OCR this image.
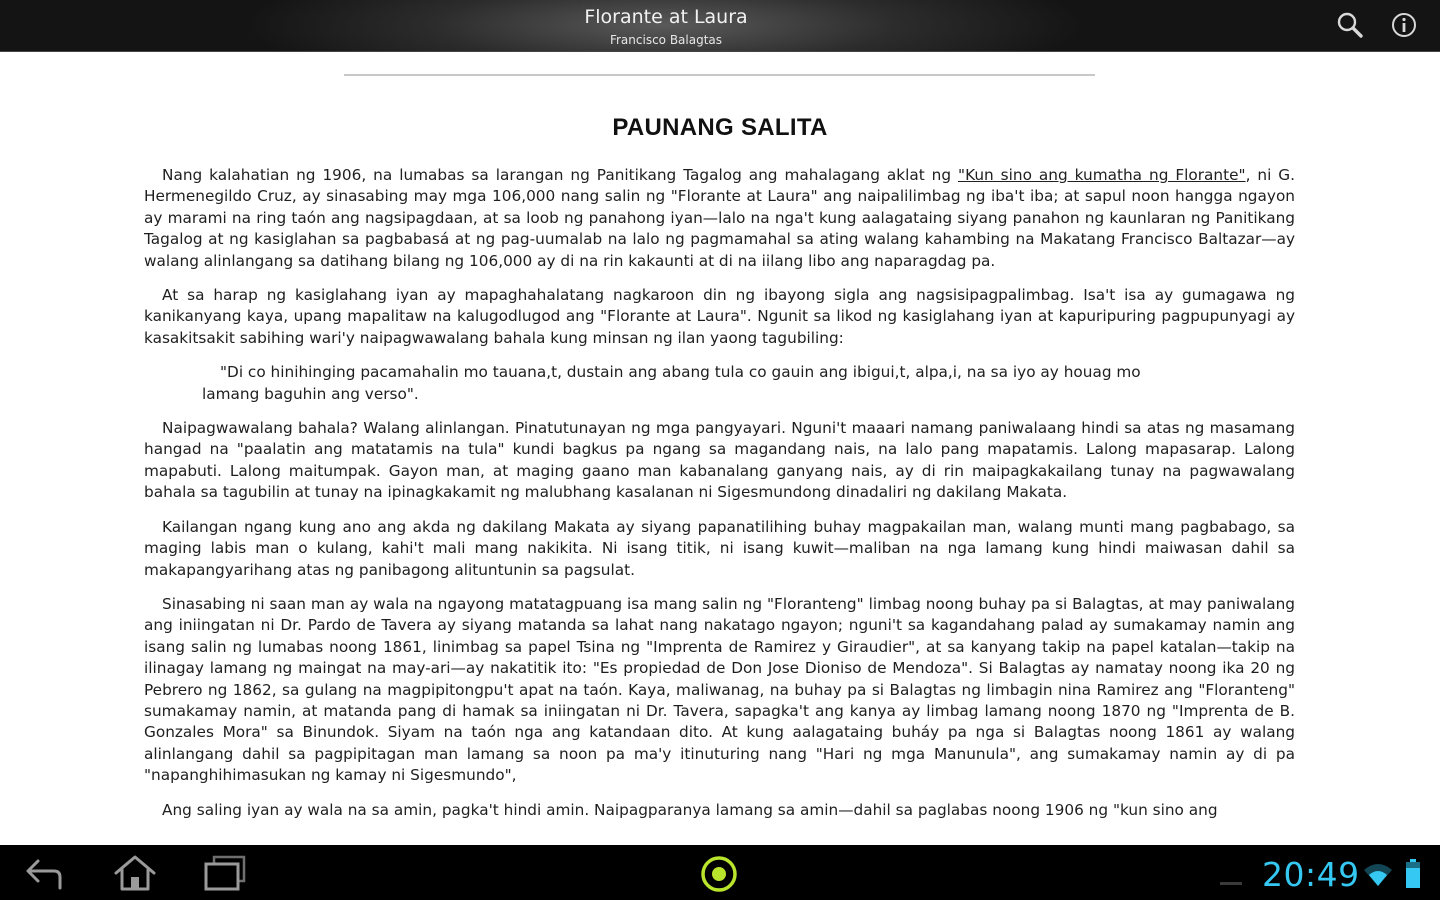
Florante at Laura
Francisco Balagtas
PAUNANG SALITA

Nang kalahatian ng 1906, na lumabas sa larangan ng Panitikang Tagalog ang mahalagang aklat ng "Kun sino ang kumatha ng Florante", ni G. Hermenegildo Cruz, ay sinasabing may mga 106,000 nang salin ng "Florante at Laura" ang naipalilimbag ng iba't iba; at sapul noon hangga ngayon ay marami na ring taón ang nagsipagdaan, at sa loob ng panahong iyan—lalo na nga't kung aalagataing siyang panahon ng kaunlaran ng Panitikang Tagalog at ng kasiglahan sa pagbabasá at ng pag-uumalab na lalo ng pagmamahal sa ating walang kahambing na Makatang Francisco Baltazar—ay walang alinlangang sa datihang bilang ng 106,000 ay di na rin kakaunti at di na iilang libo ang naparagdag pa.

At sa harap ng kasiglahang iyan ay mapaghahalatang nagkaroon din ng ibayong sigla ang nagsisipagpalimbag. Isa't isa ay gumagawa ng kanikanyang kaya, upang mapalitaw na kalugodlugod ang "Florante at Laura". Ngunit sa likod ng kasiglahang iyan at kapuripuring pagpupunyagi ay kasakitsakit sabihing wari'y naipagwawalang bahala kung minsan ng ilan yaong tagubiling:

"Di co hinihinging pacamahalin mo tauana,t, dustain ang abang tula co gauin ang ibigui,t, alpa,i, na sa iyo ay houag mo lamang baguhin ang verso".

Naipagwawalang bahala? Walang alinlangan. Pinatutunayan ng mga pangyayari. Nguni't maaari namang paniwalaang hindi sa atas ng masamang hangad na "paalatin ang matatamis na tula" kundi bagkus pa ngang sa magandang nais, na lalo pang mapatamis. Lalong mapasarap. Lalong mapabuti. Lalong maitumpak. Gayon man, at maging gaano man kabanalang ganyang nais, ay di rin maipagkakailang tunay na pagwawalang bahala sa tagubilin at tunay na ipinagkakamit ng malubhang kasalanan ni Sigesmundong dinadaliri ng dakilang Makata.

Kailangan ngang kung ano ang akda ng dakilang Makata ay siyang papanatilihing buhay magpakailan man, walang munti mang pagbabago, sa maging labis man o kulang, kahi't mali mang nakikita. Ni isang titik, ni isang kuwit—maliban na nga lamang kung hindi maiwasan dahil sa makapangyarihang atas ng panibagong alituntunin sa pagsulat.

Sinasabing ni saan man ay wala na ngayong matatagpuang isa mang salin ng "Floranteng" limbag noong buhay pa si Balagtas, at may paniwalang ang iniingatan ni Dr. Pardo de Tavera ay siyang matanda sa lahat nang nakatago ngayon; nguni't sa kagandahang palad ay sumakamay namin ang isang salin ng lumabas noong 1861, linimbag sa papel Tsina ng "Imprenta de Ramirez y Giraudier", at sa kanyang takip na papel katalan—takip na ilinagay lamang ng maingat na may-ari—ay nakatitik ito: "Es propiedad de Don Jose Dioniso de Mendoza". Si Balagtas ay namatay noong ika 20 ng Pebrero ng 1862, sa gulang na magpipitongpu't apat na taón. Kaya, maliwanag, na buhay pa si Balagtas ng limbagin nina Ramirez ang "Floranteng" sumakamay namin, at matanda pang di hamak sa iniingatan ni Dr. Tavera, sapagka't ang kanya ay limbag lamang noong 1870 ng "Imprenta de B. Gonzales Mora" sa Binundok. Siyam na taón nga ang katandaan dito. At kung aalagataing buháy pa nga si Balagtas noong 1861 ay walang alinlangang dahil sa pagpipitagan man lamang sa noon pa ma'y itinuturing nang "Hari ng mga Manunula", ang sumakamay namin ay di pa "napanghihimasukan ng kamay ni Sigesmundo",

Ang saling iyan ay wala na sa amin, pagka't hindi amin. Naipagparanya lamang sa amin—dahil sa paglabas noong 1906 ng "kun sino ang

20:49
